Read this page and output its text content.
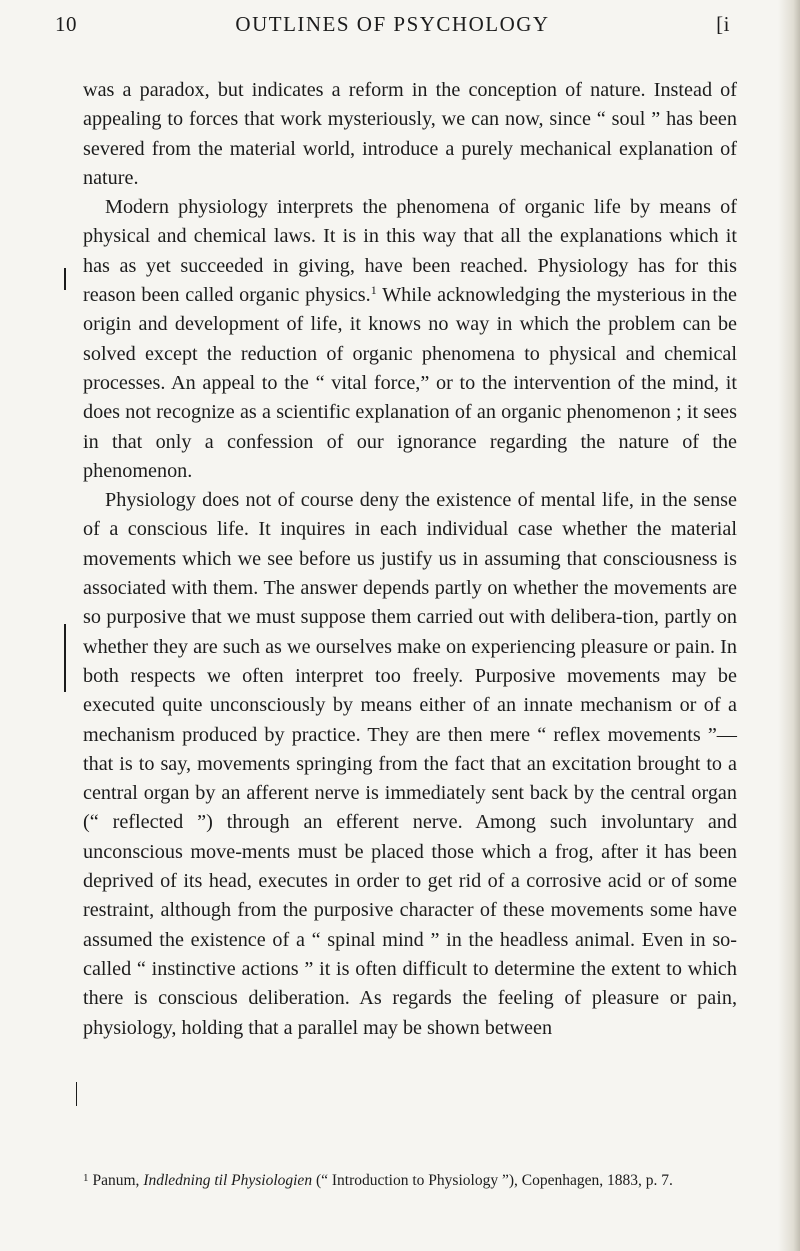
10	OUTLINES OF PSYCHOLOGY	[i

was a paradox, but indicates a reform in the conception of nature. Instead of appealing to forces that work mysteriously, we can now, since “ soul ” has been severed from the material world, introduce a purely mechanical explanation of nature.

Modern physiology interprets the phenomena of organic life by means of physical and chemical laws. It is in this way that all the explanations which it has as yet succeeded in giving, have been reached. Physiology has for this reason been called organic physics.$^1$ While acknowledging the mysterious in the origin and development of life, it knows no way in which the problem can be solved except the reduction of organic phenomena to physical and chemical processes. An appeal to the “ vital force,” or to the intervention of the mind, it does not recognize as a scientific explanation of an organic phenomenon ; it sees in that only a confession of our ignorance regarding the nature of the phenomenon.

Physiology does not of course deny the existence of mental life, in the sense of a conscious life. It inquires in each individual case whether the material movements which we see before us justify us in assuming that consciousness is associated with them. The answer depends partly on whether the movements are so purposive that we must suppose them carried out with delibera-tion, partly on whether they are such as we ourselves make on experiencing pleasure or pain. In both respects we often interpret too freely. Purposive movements may be executed quite unconsciously by means either of an innate mechanism or of a mechanism produced by practice. They are then mere “ reflex movements ”—that is to say, movements springing from the fact that an excitation brought to a central organ by an afferent nerve is immediately sent back by the central organ (“ reflected ”) through an efferent nerve. Among such involuntary and unconscious move-ments must be placed those which a frog, after it has been deprived of its head, executes in order to get rid of a corrosive acid or of some restraint, although from the purposive character of these movements some have assumed the existence of a “ spinal mind ” in the headless animal. Even in so-called “ instinctive actions ” it is often difficult to determine the extent to which there is conscious deliberation. As regards the feeling of pleasure or pain, physiology, holding that a parallel may be shown between

$^1$ Panum, Indledning til Physiologien (“ Introduction to Physiology ”), Copenhagen, 1883, p. 7.
